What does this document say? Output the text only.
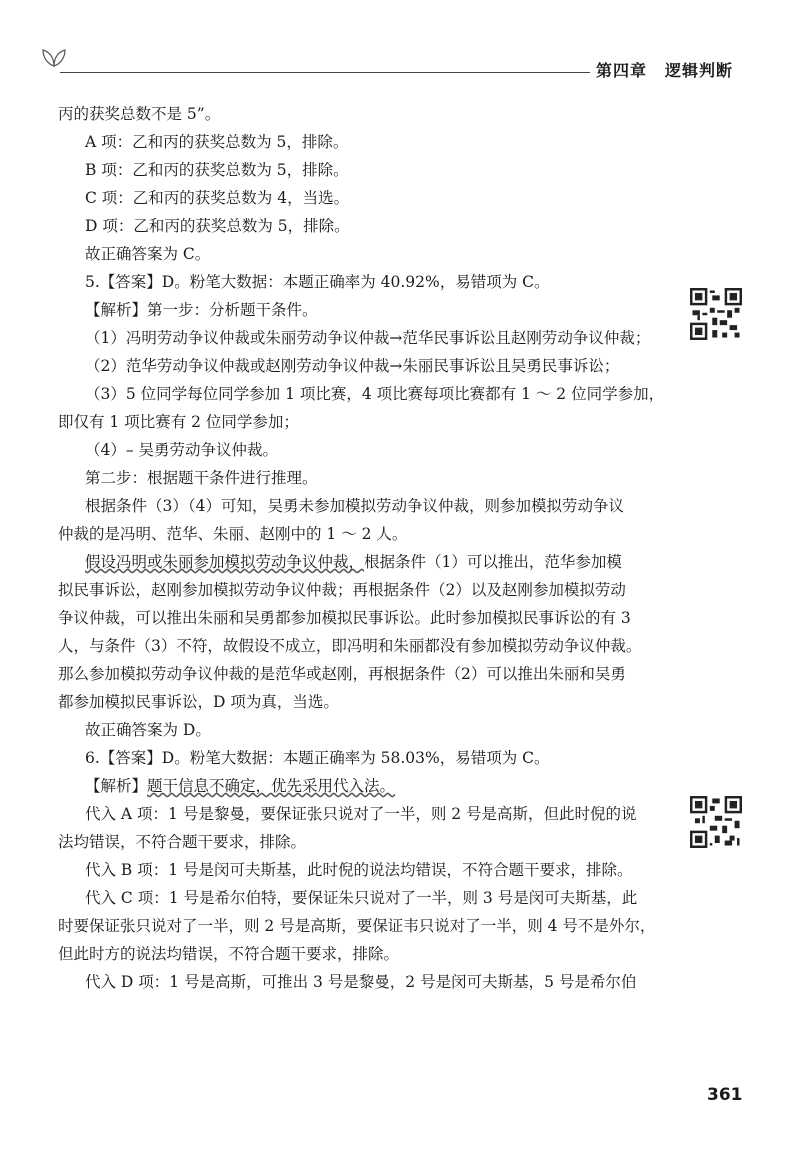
第四章 逻辑判断

丙的获奖总数不是 5”。

A 项：乙和丙的获奖总数为 5，排除。

B 项：乙和丙的获奖总数为 5，排除。

C 项：乙和丙的获奖总数为 4，当选。

D 项：乙和丙的获奖总数为 5，排除。

故正确答案为 C。

5.【答案】D。粉笔大数据：本题正确率为 40.92%，易错项为 C。

【解析】第一步：分析题干条件。

（1）冯明劳动争议仲裁或朱丽劳动争议仲裁→范华民事诉讼且赵刚劳动争议仲裁；

（2）范华劳动争议仲裁或赵刚劳动争议仲裁→朱丽民事诉讼且吴勇民事诉讼；

（3）5 位同学每位同学参加 1 项比赛，4 项比赛每项比赛都有 1 ～ 2 位同学参加，

即仅有 1 项比赛有 2 位同学参加；

（4）– 吴勇劳动争议仲裁。

第二步：根据题干条件进行推理。

根据条件（3）（4）可知，吴勇未参加模拟劳动争议仲裁，则参加模拟劳动争议

仲裁的是冯明、范华、朱丽、赵刚中的 1 ～ 2 人。

假设冯明或朱丽参加模拟劳动争议仲裁，根据条件（1）可以推出，范华参加模

拟民事诉讼，赵刚参加模拟劳动争议仲裁；再根据条件（2）以及赵刚参加模拟劳动

争议仲裁，可以推出朱丽和吴勇都参加模拟民事诉讼。此时参加模拟民事诉讼的有 3

人，与条件（3）不符，故假设不成立，即冯明和朱丽都没有参加模拟劳动争议仲裁。

那么参加模拟劳动争议仲裁的是范华或赵刚，再根据条件（2）可以推出朱丽和吴勇

都参加模拟民事诉讼，D 项为真，当选。

故正确答案为 D。

6.【答案】D。粉笔大数据：本题正确率为 58.03%，易错项为 C。

【解析】题干信息不确定，优先采用代入法。

代入 A 项：1 号是黎曼，要保证张只说对了一半，则 2 号是高斯，但此时倪的说

法均错误，不符合题干要求，排除。

代入 B 项：1 号是闵可夫斯基，此时倪的说法均错误，不符合题干要求，排除。

代入 C 项：1 号是希尔伯特，要保证朱只说对了一半，则 3 号是闵可夫斯基，此

时要保证张只说对了一半，则 2 号是高斯，要保证韦只说对了一半，则 4 号不是外尔，

但此时方的说法均错误，不符合题干要求，排除。

代入 D 项：1 号是高斯，可推出 3 号是黎曼，2 号是闵可夫斯基，5 号是希尔伯

361
